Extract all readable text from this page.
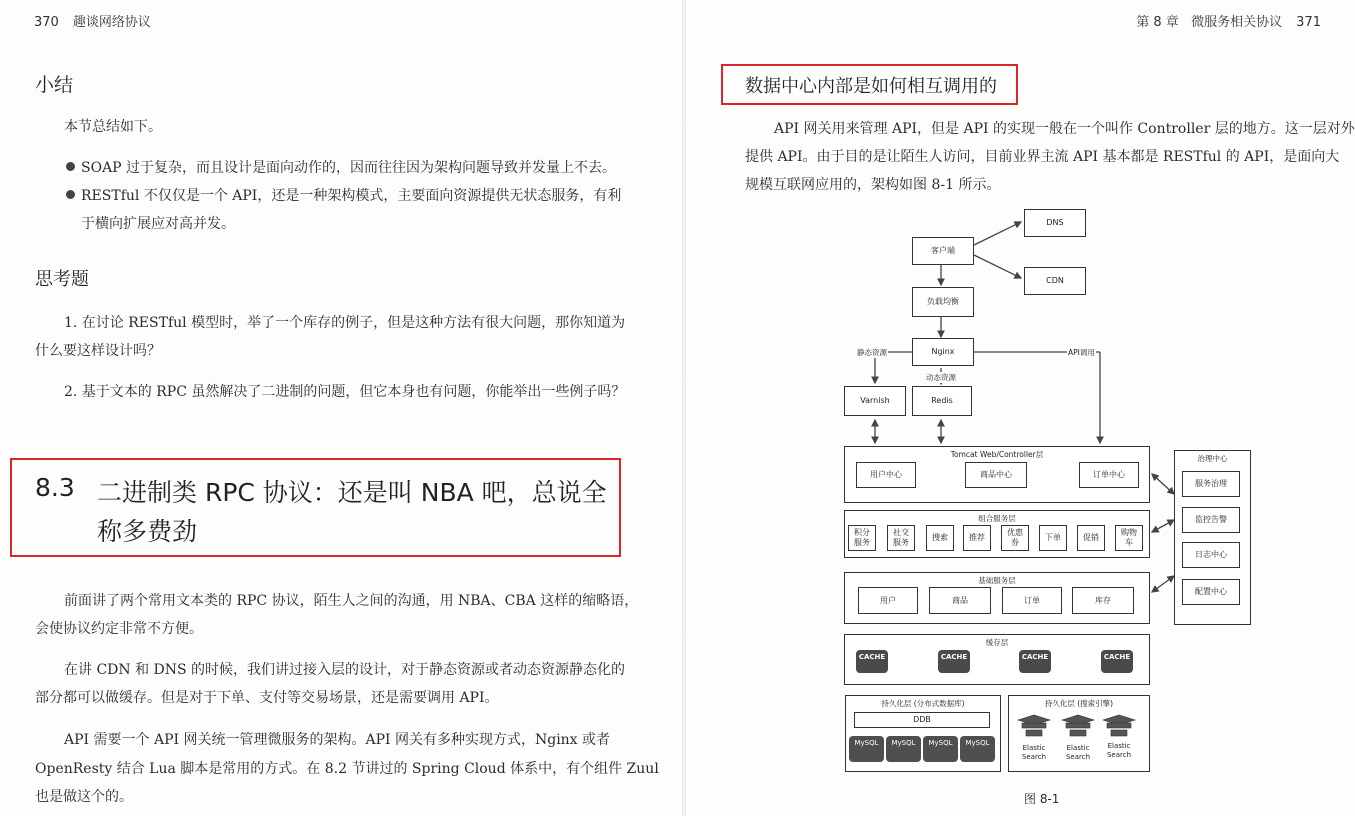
370 趣谈网络协议
小结
本节总结如下。
SOAP 过于复杂，而且设计是面向动作的，因而往往因为架构问题导致并发量上不去。
RESTful 不仅仅是一个 API，还是一种架构模式，主要面向资源提供无状态服务，有利
于横向扩展应对高并发。
思考题
1. 在讨论 RESTful 模型时，举了一个库存的例子，但是这种方法有很大问题，那你知道为
什么要这样设计吗？
2. 基于文本的 RPC 虽然解决了二进制的问题，但它本身也有问题，你能举出一些例子吗？
8.3 二进制类 RPC 协议：还是叫 NBA 吧，总说全
称多费劲
前面讲了两个常用文本类的 RPC 协议，陌生人之间的沟通，用 NBA、CBA 这样的缩略语，
会使协议约定非常不方便。
在讲 CDN 和 DNS 的时候，我们讲过接入层的设计，对于静态资源或者动态资源静态化的
部分都可以做缓存。但是对于下单、支付等交易场景，还是需要调用 API。
API 需要一个 API 网关统一管理微服务的架构。API 网关有多种实现方式，Nginx 或者
OpenResty 结合 Lua 脚本是常用的方式。在 8.2 节讲过的 Spring Cloud 体系中，有个组件 Zuul
也是做这个的。
第 8 章 微服务相关协议 371
数据中心内部是如何相互调用的
API 网关用来管理 API，但是 API 的实现一般在一个叫作 Controller 层的地方。这一层对外
提供 API。由于目的是让陌生人访问，目前业界主流 API 基本都是 RESTful 的 API，是面向大
规模互联网应用的，架构如图 8-1 所示。
DNS
客户端
CDN
负载均衡
Nginx
静态资源
动态资源
API调用
Varnish	Redis
Tomcat Web/Controller层
用户中心	商品中心	订单中心
组合服务层
积分
服务
社交
服务
搜索	推荐
优惠
券
下单	促销
购物
车
基础服务层
用户	商品	订单	库存
缓存层
CACHE	CACHE	CACHE	CACHE
持久化层 (分布式数据库)
DDB
MySQL	MySQL	MySQL	MySQL
持久化层 (搜索引擎)
Elastic
Search
Elastic
Search
Elastic
Search
治理中心
服务治理
监控告警
日志中心
配置中心
图 8-1
